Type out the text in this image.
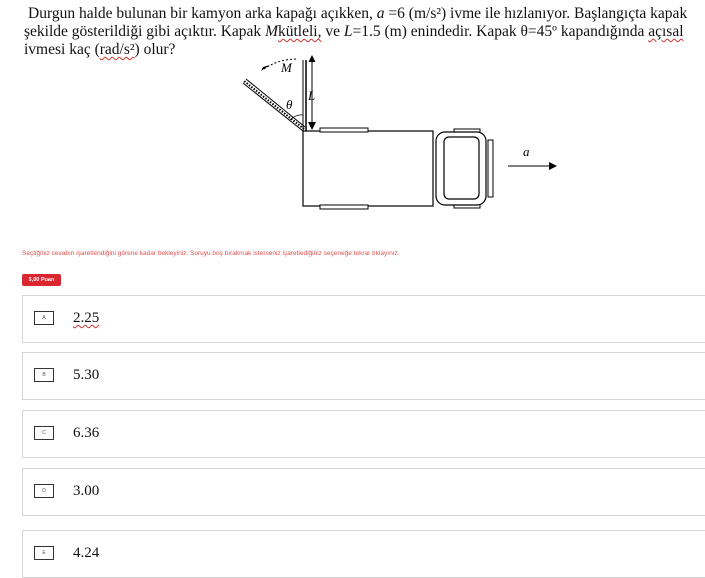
Durgun halde bulunan bir kamyon arka kapağı açıkken, a =6 (m/s²) ivme ile hızlanıyor. Başlangıçta kapak
şekilde gösterildiği gibi açıktır. Kapak Mkütleli, ve L=1.5 (m) enindedir. Kapak θ=45º kapandığında açısal
ivmesi kaç (rad/s²) olur?
M
L
θ
a⃗
Seçtiğiniz cevabın işaretlendiğini görene kadar bekleyiniz. Soruyu boş bırakmak isterseniz işaretlediğiniz seçeneğe tekrar tıklayınız.
5,00 Puan
A	2.25
B	5.30
C	6.36
D	3.00
E	4.24
